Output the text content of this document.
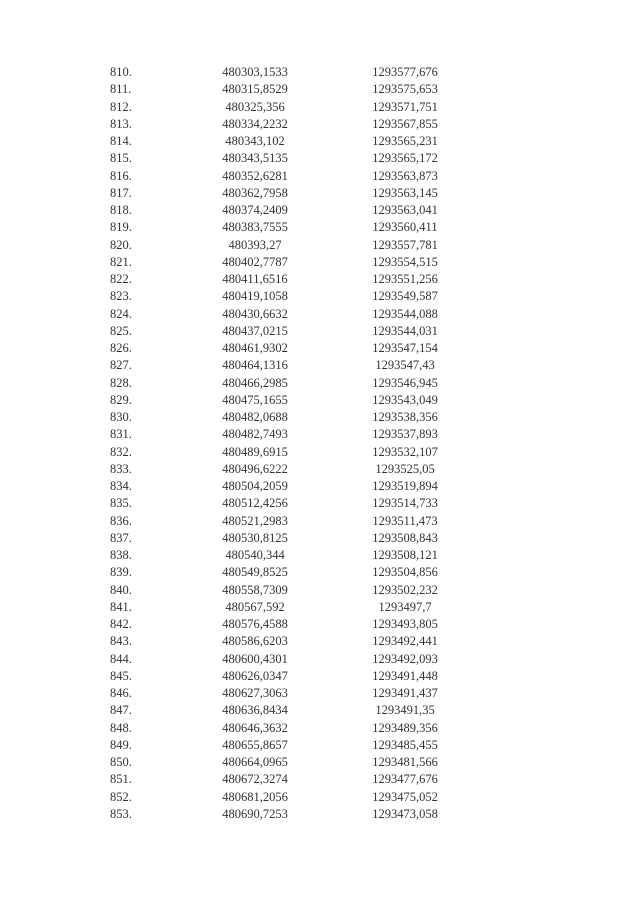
810.	480303,1533	1293577,676
811.	480315,8529	1293575,653
812.	480325,356	1293571,751
813.	480334,2232	1293567,855
814.	480343,102	1293565,231
815.	480343,5135	1293565,172
816.	480352,6281	1293563,873
817.	480362,7958	1293563,145
818.	480374,2409	1293563,041
819.	480383,7555	1293560,411
820.	480393,27	1293557,781
821.	480402,7787	1293554,515
822.	480411,6516	1293551,256
823.	480419,1058	1293549,587
824.	480430,6632	1293544,088
825.	480437,0215	1293544,031
826.	480461,9302	1293547,154
827.	480464,1316	1293547,43
828.	480466,2985	1293546,945
829.	480475,1655	1293543,049
830.	480482,0688	1293538,356
831.	480482,7493	1293537,893
832.	480489,6915	1293532,107
833.	480496,6222	1293525,05
834.	480504,2059	1293519,894
835.	480512,4256	1293514,733
836.	480521,2983	1293511,473
837.	480530,8125	1293508,843
838.	480540,344	1293508,121
839.	480549,8525	1293504,856
840.	480558,7309	1293502,232
841.	480567,592	1293497,7
842.	480576,4588	1293493,805
843.	480586,6203	1293492,441
844.	480600,4301	1293492,093
845.	480626,0347	1293491,448
846.	480627,3063	1293491,437
847.	480636,8434	1293491,35
848.	480646,3632	1293489,356
849.	480655,8657	1293485,455
850.	480664,0965	1293481,566
851.	480672,3274	1293477,676
852.	480681,2056	1293475,052
853.	480690,7253	1293473,058
